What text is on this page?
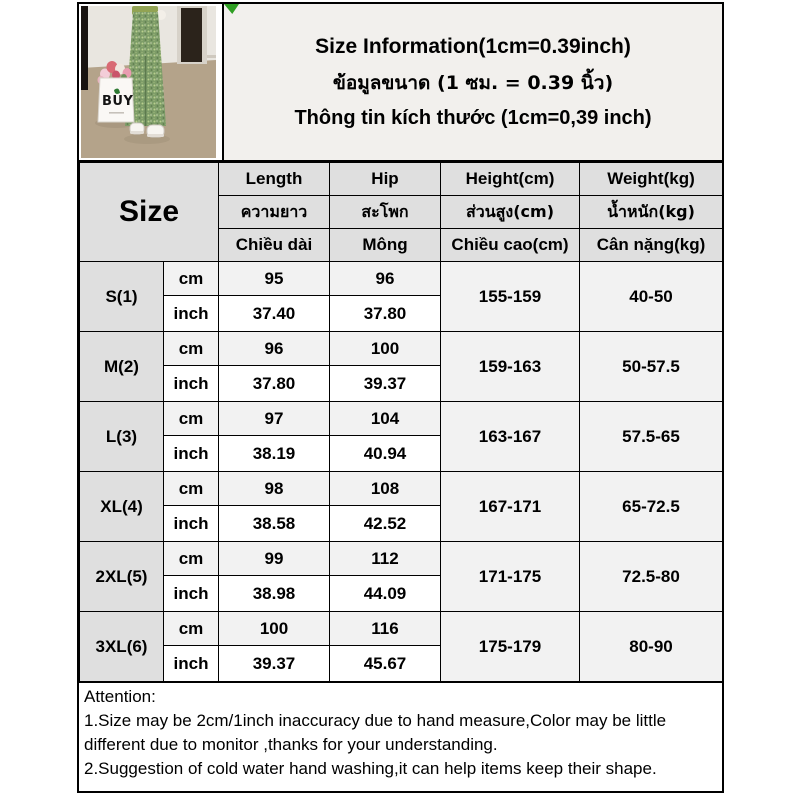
BUY
Size Information(1cm=0.39inch)
ข้อมูลขนาด (1 ซม. = 0.39 นิ้ว)
Thông tin kích thước (1cm=0,39 inch)
Size		Length	Hip	Height(cm)	Weight(kg)
		ความยาว	สะโพก	ส่วนสูง(cm)	น้ำหนัก(kg)
		Chiều dài	Mông	Chiều cao(cm)	Cân nặng(kg)
S(1)	cm	95	96	155-159	40-50
	inch	37.40	37.80		
M(2)	cm	96	100	159-163	50-57.5
	inch	37.80	39.37		
L(3)	cm	97	104	163-167	57.5-65
	inch	38.19	40.94		
XL(4)	cm	98	108	167-171	65-72.5
	inch	38.58	42.52		
2XL(5)	cm	99	112	171-175	72.5-80
	inch	38.98	44.09		
3XL(6)	cm	100	116	175-179	80-90
	inch	39.37	45.67		
Attention:
1.Size may be 2cm/1inch inaccuracy due to hand measure,Color may be little different due to monitor ,thanks for your understanding.
2.Suggestion of cold water hand washing,it can help items keep their shape.
